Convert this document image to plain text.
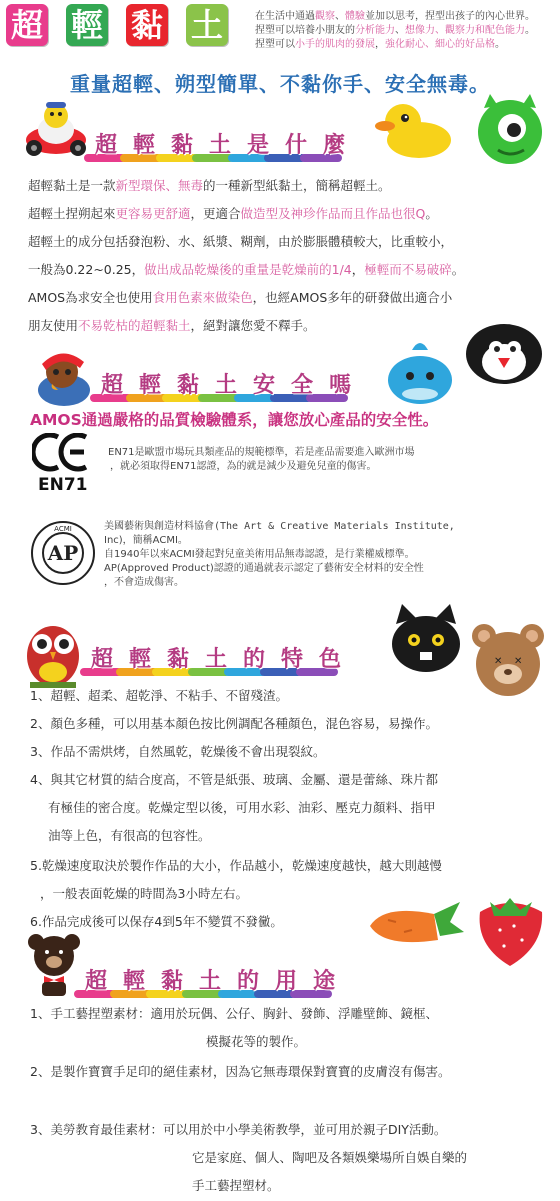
超 輕 黏 土	在生活中通過觀察、體驗並加以思考，捏型出孩子的內心世界。
捏塑可以培養小朋友的分析能力、想像力、觀察力和配色能力。
捏塑可以小手的肌肉的發展，強化耐心、細心的好品格。
重量超輕、朔型簡單、不黏你手、安全無毒。
超 輕 黏 土 是 什 麼
超輕黏土是一款新型環保、無毒的一種新型紙黏土，簡稱超輕土。
超輕土捏朔起來更容易更舒適，更適合做造型及神珍作品而且作品也很Q。
超輕土的成分包括發泡粉、水、紙漿、糊劑，由於膨脹體積較大，比重較小，
一般為0.22~0.25，做出成品乾燥後的重量是乾燥前的1/4，極輕而不易破碎。
AMOS為求安全也使用食用色素來做染色，也經AMOS多年的研發做出適合小
朋友使用不易乾枯的超輕黏土，絕對讓您愛不釋手。
超 輕 黏 土 安 全 嗎
AMOS通過嚴格的品質檢驗體系，讓您放心產品的安全性。
EN71
EN71是歐盟市場玩具類產品的規範標準，若是產品需要進入歐洲市場
，就必須取得EN71認證，為的就是減少及避免兒童的傷害。
AP
ACMI	美國藝術與創造材料協會(The Art & Creative Materials Institute,
Inc)，簡稱ACMI。
自1940年以來ACMI發起對兒童美術用品無毒認證，是行業權威標準。
AP(Approved Product)認證的通過就表示認定了藝術安全材料的安全性
，不會造成傷害。
超 輕 黏 土 的 特 色	✕ ✕
1、超輕、超柔、超乾淨、不粘手、不留殘渣。
2、顏色多種，可以用基本顏色按比例調配各種顏色，混色容易，易操作。
3、作品不需烘烤，自然風乾，乾燥後不會出現裂紋。
4、與其它材質的結合度高，不管是紙張、玻璃、金屬、還是蕾絲、珠片都
有極佳的密合度。乾燥定型以後，可用水彩、油彩、壓克力顏料、指甲
油等上色，有很高的包容性。
5.乾燥速度取決於製作作品的大小，作品越小，乾燥速度越快，越大則越慢
，一般表面乾燥的時間為3小時左右。
6.作品完成後可以保存4到5年不變質不發黴。
超 輕 黏 土 的 用 途
1、手工藝捏塑素材：適用於玩偶、公仔、胸針、發飾、浮雕壁飾、鏡框、
模擬花等的製作。
2、是製作寶寶手足印的絕佳素材，因為它無毒環保對寶寶的皮膚沒有傷害。
3、美勞教育最佳素材：可以用於中小學美術教學，並可用於親子DIY活動。
它是家庭、個人、陶吧及各類娛樂場所自娛自樂的
手工藝捏塑材。
